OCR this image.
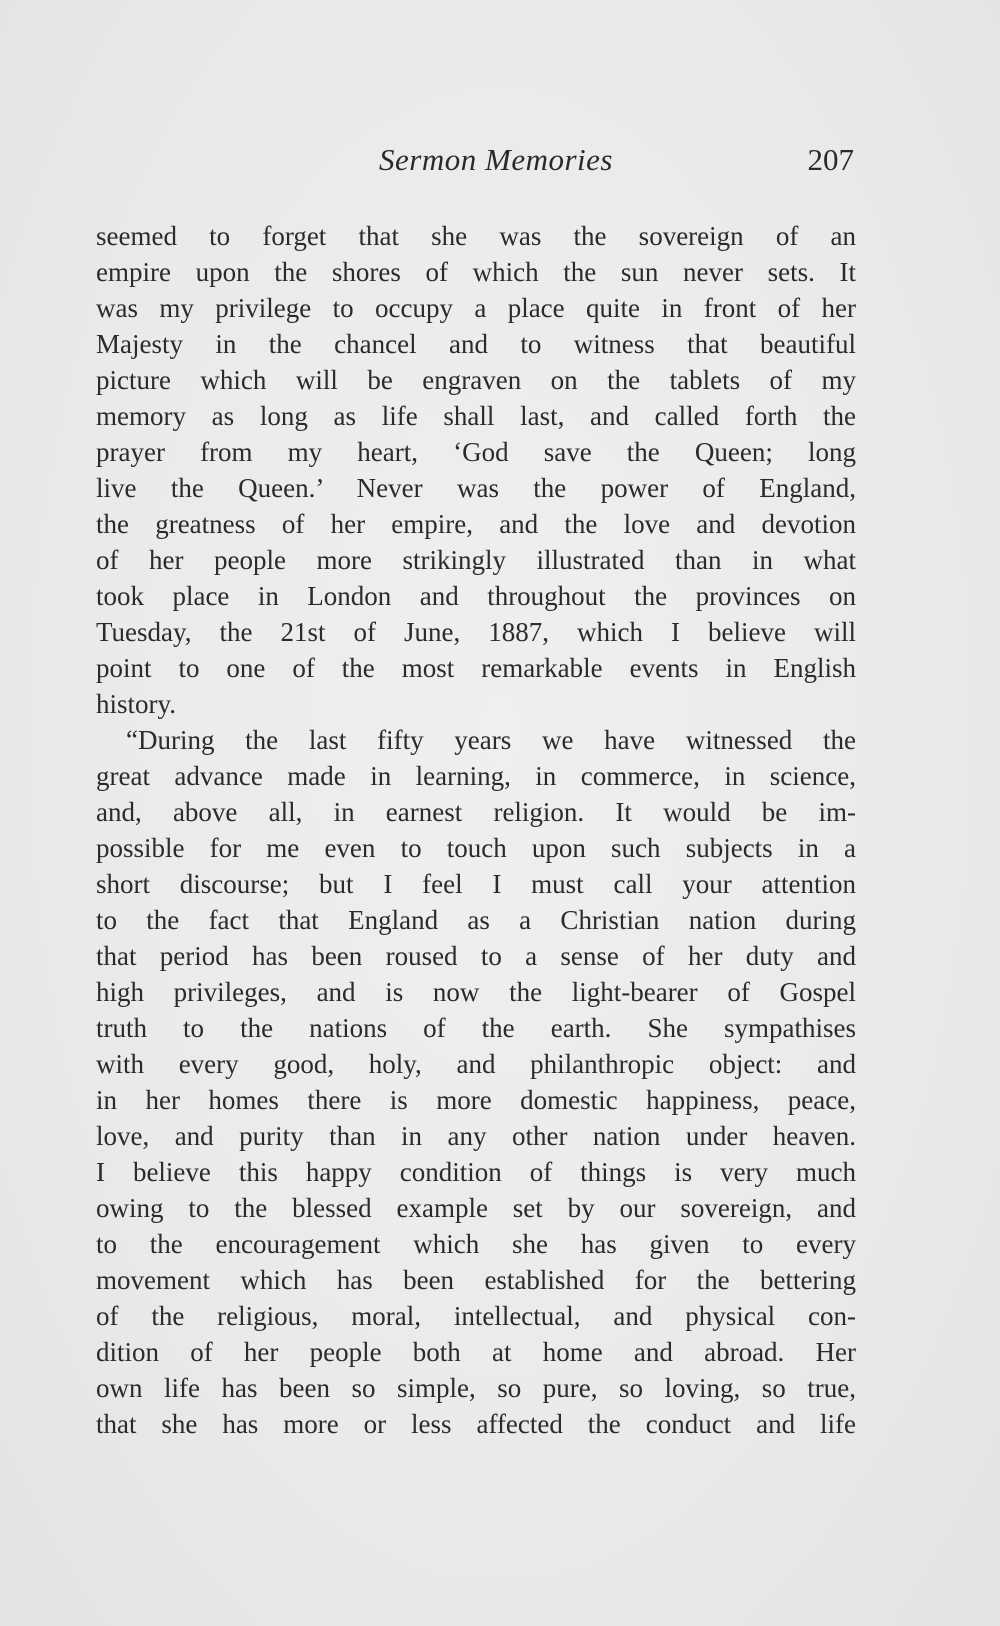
Sermon Memories	207
seemed to forget that she was the sovereign of an
empire upon the shores of which the sun never sets. It
was my privilege to occupy a place quite in front of her
Majesty in the chancel and to witness that beautiful
picture which will be engraven on the tablets of my
memory as long as life shall last, and called forth the
prayer from my heart, ‘God save the Queen; long
live the Queen.’ Never was the power of England,
the greatness of her empire, and the love and devotion
of her people more strikingly illustrated than in what
took place in London and throughout the provinces on
Tuesday, the 21st of June, 1887, which I believe will
point to one of the most remarkable events in English
history.
“During the last fifty years we have witnessed the
great advance made in learning, in commerce, in science,
and, above all, in earnest religion. It would be im-
possible for me even to touch upon such subjects in a
short discourse; but I feel I must call your attention
to the fact that England as a Christian nation during
that period has been roused to a sense of her duty and
high privileges, and is now the light-bearer of Gospel
truth to the nations of the earth. She sympathises
with every good, holy, and philanthropic object: and
in her homes there is more domestic happiness, peace,
love, and purity than in any other nation under heaven.
I believe this happy condition of things is very much
owing to the blessed example set by our sovereign, and
to the encouragement which she has given to every
movement which has been established for the bettering
of the religious, moral, intellectual, and physical con-
dition of her people both at home and abroad. Her
own life has been so simple, so pure, so loving, so true,
that she has more or less affected the conduct and life
